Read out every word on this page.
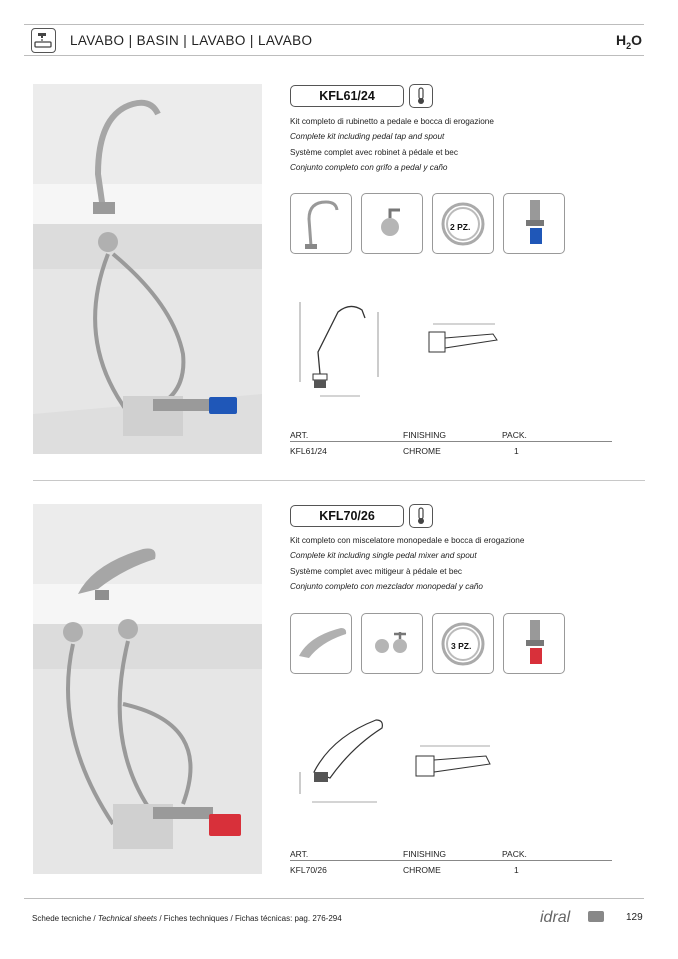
LAVABO | BASIN | LAVABO | LAVABO	$H_2O$
KFL61/24
Kit completo di rubinetto a pedale e bocca di erogazione
Complete kit including pedal tap and spout
Système complet avec robinet à pédale et bec
Conjunto completo con grifo a pedal y caño
2 PZ.
ART.	FINISHING	PACK.
KFL61/24	CHROME	1
KFL70/26
Kit completo con miscelatore monopedale e bocca di erogazione
Complete kit including single pedal mixer and spout
Système complet avec mitigeur à pédale et bec
Conjunto completo con mezclador monopedal y caño
3 PZ.
ART.	FINISHING	PACK.
KFL70/26	CHROME	1
Schede tecniche / Technical sheets / Fiches techniques / Fichas técnicas: pag. 276-294	idral	129
